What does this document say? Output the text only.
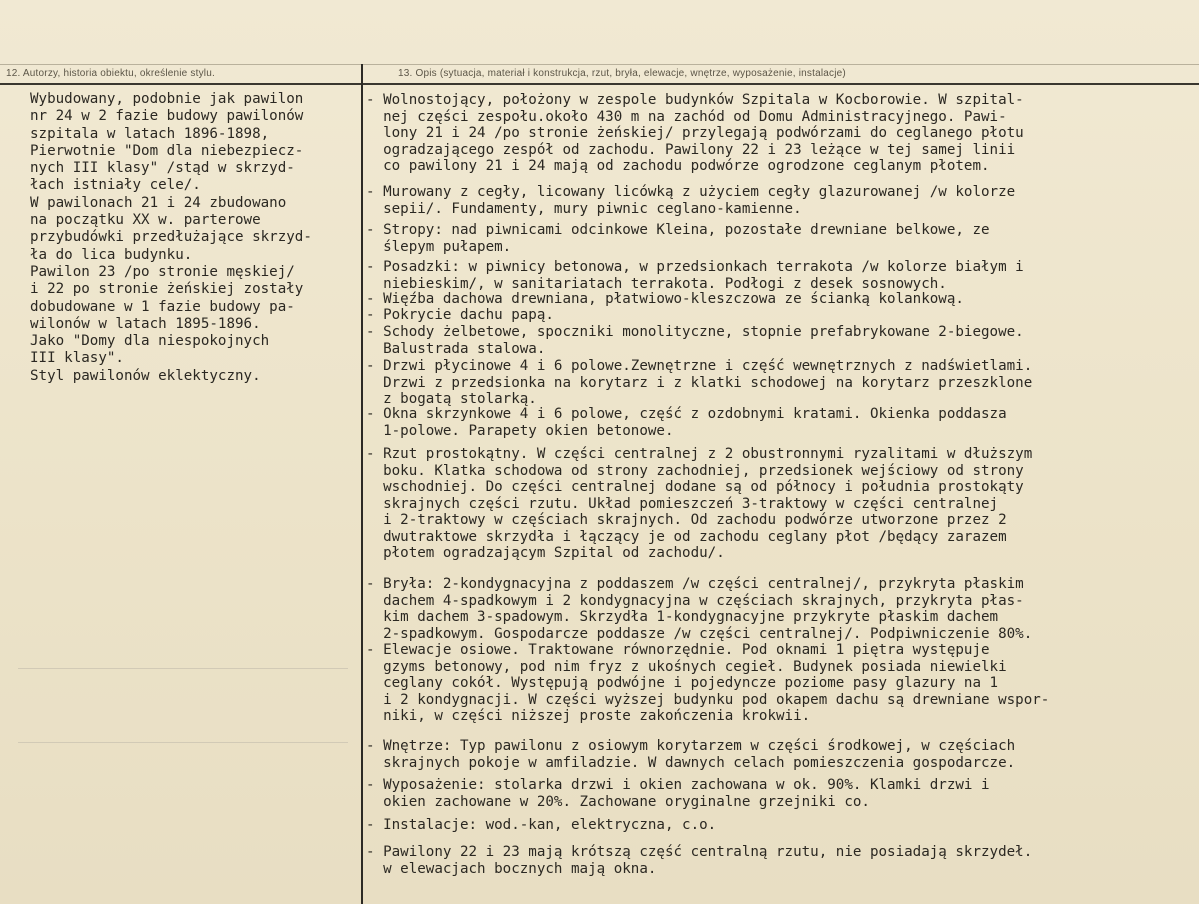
12. Autorzy, historia obiektu, określenie stylu.	13. Opis (sytuacja, materiał i konstrukcja, rzut, bryła, elewacje, wnętrze, wyposażenie, instalacje)
Wybudowany, podobnie jak pawilon
nr 24 w 2 fazie budowy pawilonów
szpitala w latach 1896-1898,
Pierwotnie "Dom dla niebezpiecz-
nych III klasy" /stąd w skrzyd-
łach istniały cele/.
W pawilonach 21 i 24 zbudowano
na początku XX w. parterowe
przybudówki przedłużające skrzyd-
ła do lica budynku.
Pawilon 23 /po stronie męskiej/
i 22 po stronie żeńskiej zostały
dobudowane w 1 fazie budowy pa-
wilonów w latach 1895-1896.
Jako "Domy dla niespokojnych
III klasy".
Styl pawilonów eklektyczny.
- Wolnostojący, położony w zespole budynków Szpitala w Kocborowie. W szpital-
nej części zespołu.około 430 m na zachód od Domu Administracyjnego. Pawi-
lony 21 i 24 /po stronie żeńskiej/ przylegają podwórzami do ceglanego płotu
ogradzającego zespół od zachodu. Pawilony 22 i 23 leżące w tej samej linii
co pawilony 21 i 24 mają od zachodu podwórze ogrodzone ceglanym płotem.
- Murowany z cegły, licowany licówką z użyciem cegły glazurowanej /w kolorze
sepii/. Fundamenty, mury piwnic ceglano-kamienne.
- Stropy: nad piwnicami odcinkowe Kleina, pozostałe drewniane belkowe, ze
ślepym pułapem.
- Posadzki: w piwnicy betonowa, w przedsionkach terrakota /w kolorze białym i
niebieskim/, w sanitariatach terrakota. Podłogi z desek sosnowych.
- Więźba dachowa drewniana, płatwiowo-kleszczowa ze ścianką kolankową.
- Pokrycie dachu papą.
- Schody żelbetowe, spoczniki monolityczne, stopnie prefabrykowane 2-biegowe.
Balustrada stalowa.
- Drzwi płycinowe 4 i 6 polowe.Zewnętrzne i część wewnętrznych z nadświetlami.
Drzwi z przedsionka na korytarz i z klatki schodowej na korytarz przeszklone
z bogatą stolarką.
- Okna skrzynkowe 4 i 6 polowe, część z ozdobnymi kratami. Okienka poddasza
1-polowe. Parapety okien betonowe.
- Rzut prostokątny. W części centralnej z 2 obustronnymi ryzalitami w dłuższym
boku. Klatka schodowa od strony zachodniej, przedsionek wejściowy od strony
wschodniej. Do części centralnej dodane są od północy i południa prostokąty
skrajnych części rzutu. Układ pomieszczeń 3-traktowy w części centralnej
i 2-traktowy w częściach skrajnych. Od zachodu podwórze utworzone przez 2
dwutraktowe skrzydła i łączący je od zachodu ceglany płot /będący zarazem
płotem ogradzającym Szpital od zachodu/.
- Bryła: 2-kondygnacyjna z poddaszem /w części centralnej/, przykryta płaskim
dachem 4-spadkowym i 2 kondygnacyjna w częściach skrajnych, przykryta płas-
kim dachem 3-spadowym. Skrzydła 1-kondygnacyjne przykryte płaskim dachem
2-spadkowym. Gospodarcze poddasze /w części centralnej/. Podpiwniczenie 80%.
- Elewacje osiowe. Traktowane równorzędnie. Pod oknami 1 piętra występuje
gzyms betonowy, pod nim fryz z ukośnych cegieł. Budynek posiada niewielki
ceglany cokół. Występują podwójne i pojedyncze poziome pasy glazury na 1
i 2 kondygnacji. W części wyższej budynku pod okapem dachu są drewniane wspor-
niki, w części niższej proste zakończenia krokwii.
- Wnętrze: Typ pawilonu z osiowym korytarzem w części środkowej, w częściach
skrajnych pokoje w amfiladzie. W dawnych celach pomieszczenia gospodarcze.
- Wyposażenie: stolarka drzwi i okien zachowana w ok. 90%. Klamki drzwi i
okien zachowane w 20%. Zachowane oryginalne grzejniki co.
- Instalacje: wod.-kan, elektryczna, c.o.
- Pawilony 22 i 23 mają krótszą część centralną rzutu, nie posiadają skrzydeł.
w elewacjach bocznych mają okna.
